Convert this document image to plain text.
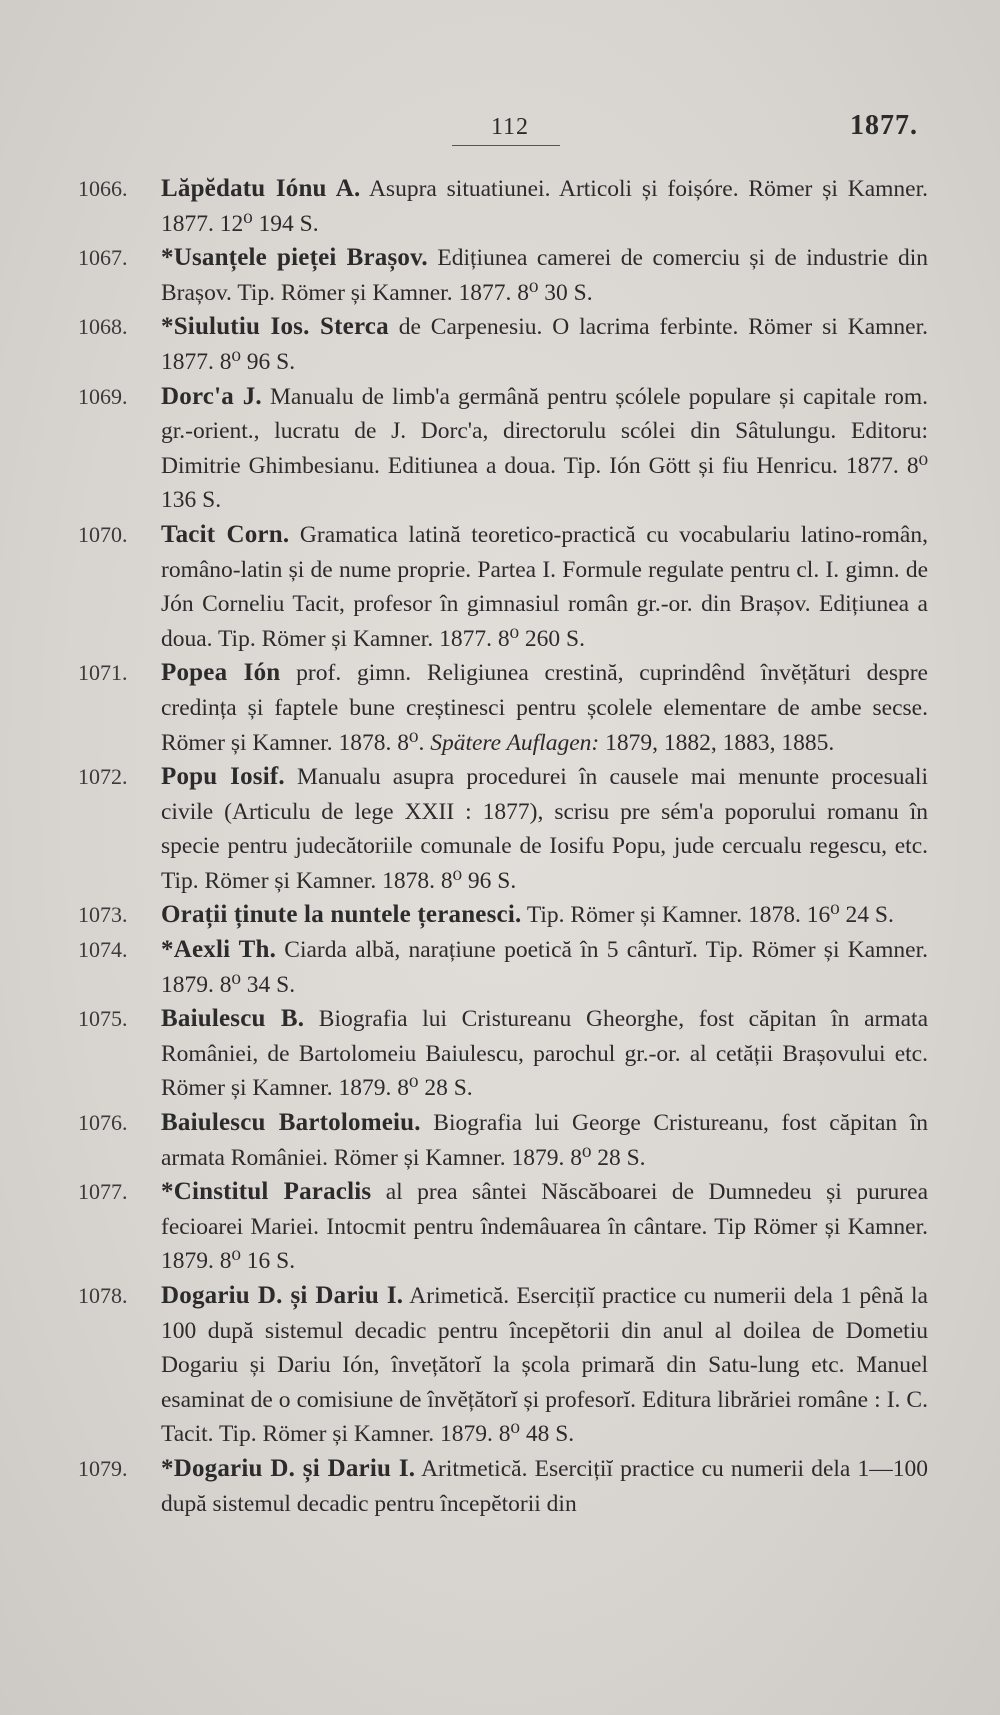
112	1877.
1066.	Lăpĕdatu Iónu A. Asupra situatiunei. Articoli și foișóre. Römer și Kamner. 1877. 12⁰ 194 S.
1067.	*Usanțele pieței Brașov. Edițiunea camerei de comerciu și de industrie din Brașov. Tip. Römer și Kamner. 1877. 8⁰ 30 S.
1068.	*Siulutiu Ios. Sterca de Carpenesiu. O lacrima ferbinte. Römer si Kamner. 1877. 8⁰ 96 S.
1069.	Dorc'a J. Manualu de limb'a germână pentru șcólele populare și capitale rom. gr.-orient., lucratu de J. Dorc'a, directorulu scólei din Sâtulungu. Editoru: Dimitrie Ghimbesianu. Editiunea a doua. Tip. Ión Gött și fiu Henricu. 1877. 8⁰ 136 S.
1070.	Tacit Corn. Gramatica latină teoretico-practică cu vocabulariu latino-român, româno-latin și de nume proprie. Partea I. Formule regulate pentru cl. I. gimn. de Jón Corneliu Tacit, profesor în gimnasiul român gr.-or. din Brașov. Edițiunea a doua. Tip. Römer și Kamner. 1877. 8⁰ 260 S.
1071.	Popea Ión prof. gimn. Religiunea crestină, cuprindênd învĕțături despre credința și faptele bune creștinesci pentru școlele elementare de ambe secse. Römer și Kamner. 1878. 8⁰. Spätere Auflagen: 1879, 1882, 1883, 1885.
1072.	Popu Iosif. Manualu asupra procedurei în causele mai menunte procesuali civile (Articulu de lege XXII : 1877), scrisu pre sém'a poporului romanu în specie pentru judecătoriile comunale de Iosifu Popu, jude cercualu regescu, etc. Tip. Römer și Kamner. 1878. 8⁰ 96 S.
1073.	Orații ținute la nuntele țeranesci. Tip. Römer și Kamner. 1878. 16⁰ 24 S.
1074.	*Aexli Th. Ciarda albă, narațiune poetică în 5 cânturĭ. Tip. Römer și Kamner. 1879. 8⁰ 34 S.
1075.	Baiulescu B. Biografia lui Cristureanu Gheorghe, fost căpitan în armata României, de Bartolomeiu Baiulescu, parochul gr.-or. al cetății Brașovului etc. Römer și Kamner. 1879. 8⁰ 28 S.
1076.	Baiulescu Bartolomeiu. Biografia lui George Cristureanu, fost căpitan în armata României. Römer și Kamner. 1879. 8⁰ 28 S.
1077.	*Cinstitul Paraclis al prea sântei Născăboarei de Dumnedeu și pururea fecioarei Mariei. Intocmit pentru îndemâuarea în cântare. Tip Römer și Kamner. 1879. 8⁰ 16 S.
1078.	Dogariu D. și Dariu I. Arimetică. Esercițiĭ practice cu numerii dela 1 pênă la 100 după sistemul decadic pentru începĕtorii din anul al doilea de Dometiu Dogariu și Dariu Ión, învețătorĭ la școla primară din Satu-lung etc. Manuel esaminat de o comisiune de învĕțătorĭ și profesorĭ. Editura librăriei române : I. C. Tacit. Tip. Römer și Kamner. 1879. 8⁰ 48 S.
1079.	*Dogariu D. și Dariu I. Aritmetică. Esercițiĭ practice cu numerii dela 1—100 după sistemul decadic pentru începĕtorii din
